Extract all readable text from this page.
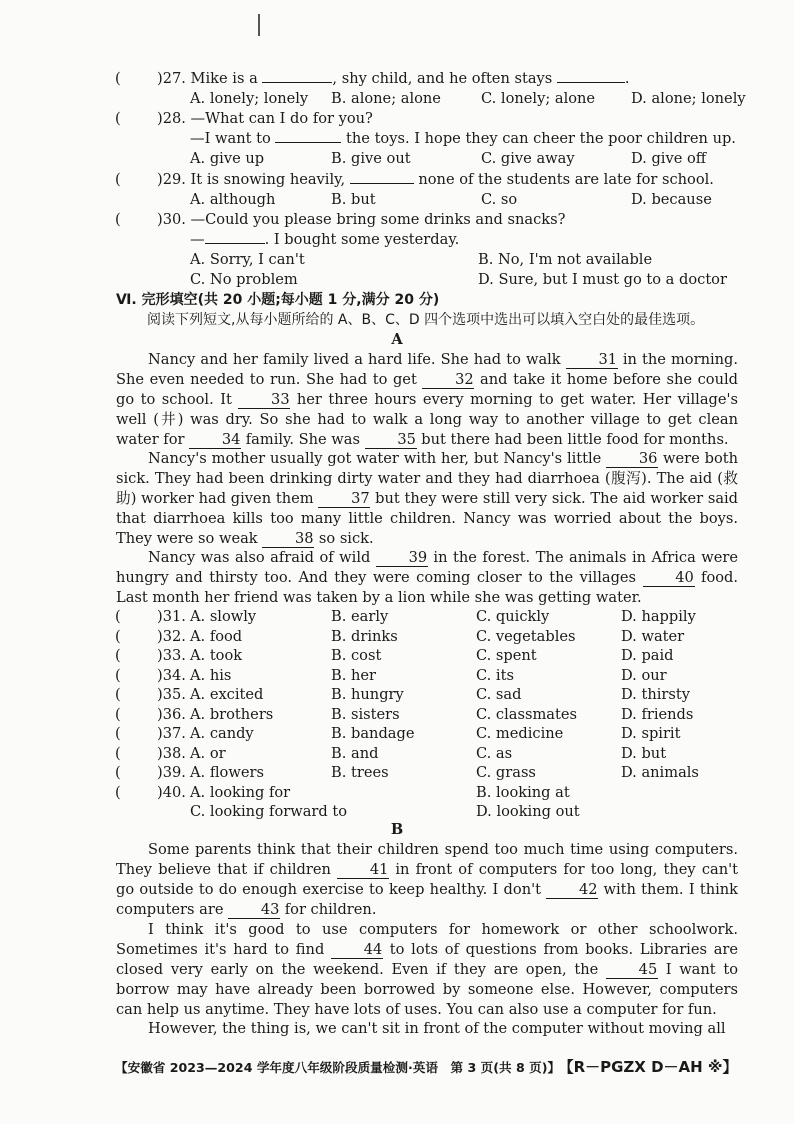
( )27. Mike is a	, shy child, and he often stays	.
A. lonely; lonely B. alone; alone	C. lonely; alone D. alone; lonely
( )28. —What can I do for you?
—I want to	the toys. I hope they can cheer the poor children up.
A. give up	B. give out	C. give away	D. give off
( )29. It is snowing heavily,	none of the students are late for school.
A. although	B. but	C. so	D. because
( )30. —Could you please bring some drinks and snacks?
—	. I bought some yesterday.
A. Sorry, I can't	B. No, I'm not available
C. No problem	D. Sure, but I must go to a doctor
Ⅵ. 完形填空(共 20 小题;每小题 1 分,满分 20 分)
阅读下列短文,从每小题所给的 A、B、C、D 四个选项中选出可以填入空白处的最佳选项。
A
Nancy and her family lived a hard life. She had to walk	31 in the morning. She even needed to run. She had to get	32 and take it home before she could go to school. It	33 her three hours every morning to get water. Her village's well (井) was dry. So she had to walk a long way to another village to get clean water for	34 family. She was	35 but there had been little food for months.
Nancy's mother usually got water with her, but Nancy's little	36 were both sick. They had been drinking dirty water and they had diarrhoea (腹泻). The aid (救助) worker had given them	37 but they were still very sick. The aid worker said that diarrhoea kills too many little children. Nancy was worried about the boys. They were so weak	38 so sick.
Nancy was also afraid of wild	39 in the forest. The animals in Africa were hungry and thirsty too. And they were coming closer to the villages	40 food. Last month her friend was taken by a lion while she was getting water.
( )31. A. slowly	B. early	C. quickly	D. happily
( )32. A. food	B. drinks	C. vegetables	D. water
( )33. A. took	B. cost	C. spent	D. paid
( )34. A. his	B. her	C. its	D. our
( )35. A. excited	B. hungry	C. sad	D. thirsty
( )36. A. brothers	B. sisters	C. classmates	D. friends
( )37. A. candy	B. bandage	C. medicine	D. spirit
( )38. A. or	B. and	C. as	D. but
( )39. A. flowers	B. trees	C. grass	D. animals
( )40. A. looking for	B. looking at
C. looking forward to	D. looking out
B
Some parents think that their children spend too much time using computers. They believe that if children	41 in front of computers for too long, they can't go outside to do enough exercise to keep healthy. I don't	42 with them. I think computers are	43 for children.
I think it's good to use computers for homework or other schoolwork. Sometimes it's hard to find	44 to lots of questions from books. Libraries are closed very early on the weekend. Even if they are open, the	45 I want to borrow may have already been borrowed by someone else. However, computers can help us anytime. They have lots of uses. You can also use a computer for fun.
However, the thing is, we can't sit in front of the computer without moving all
【安徽省 2023—2024 学年度八年级阶段质量检测·英语　第 3 页(共 8 页)】 【R－PGZX D－AH ※】
